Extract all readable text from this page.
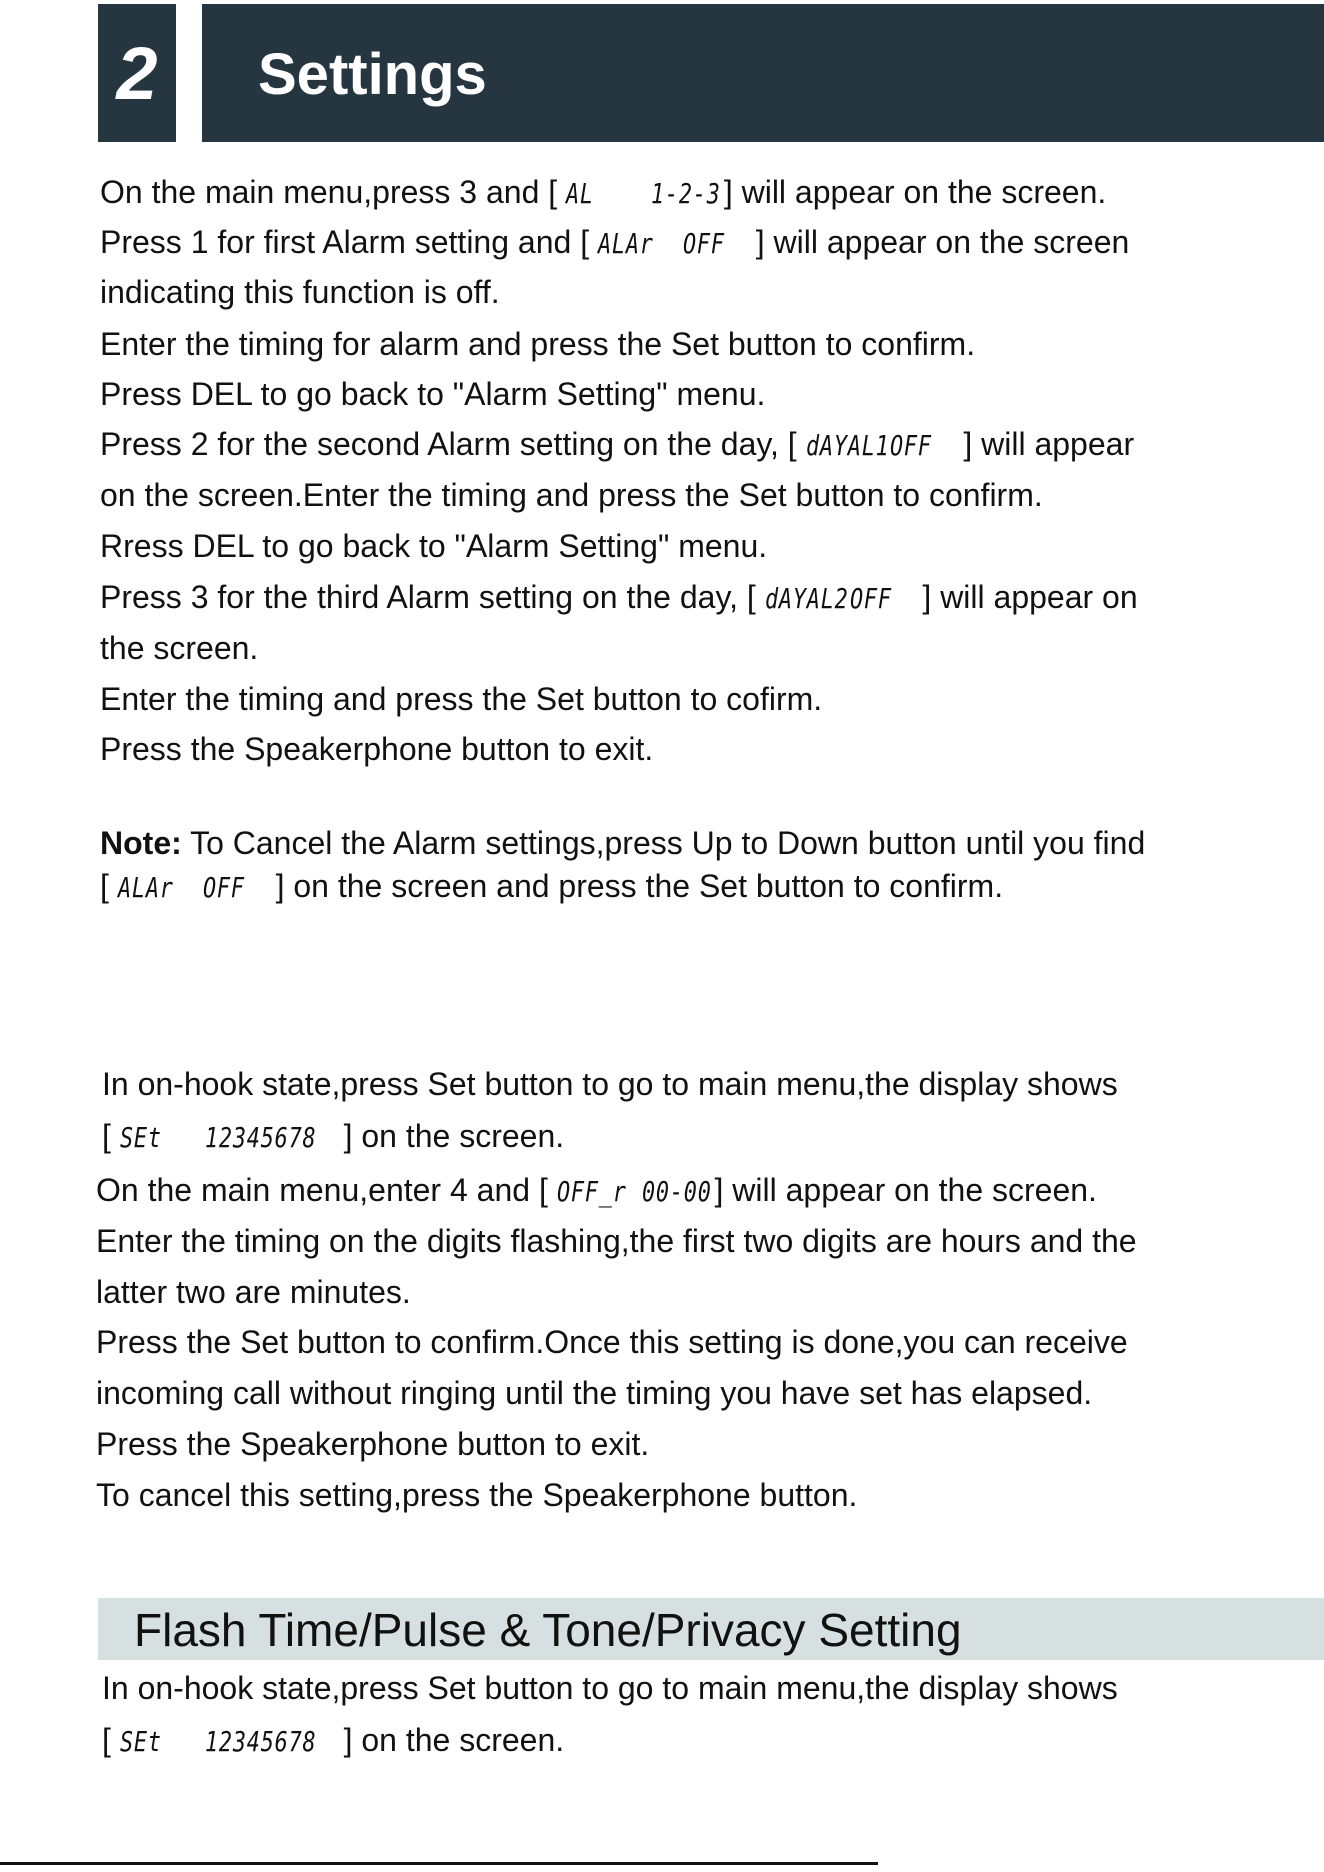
2	Settings
On the main menu,press 3 and [ AL 1-2-3 ] will appear on the screen.
Press 1 for first Alarm setting and [ ALAr OFF ] will appear on the screen
indicating this function is off.
Enter the timing for alarm and press the Set button to confirm.
Press DEL to go back to "Alarm Setting" menu.
Press 2 for the second Alarm setting on the day, [ dAYAL1 OFF ] will appear
on the screen.Enter the timing and press the Set button to confirm.
Rress DEL to go back to "Alarm Setting" menu.
Press 3 for the third Alarm setting on the day, [ dAYAL2 OFF ] will appear on
the screen.
Enter the timing and press the Set button to cofirm.
Press the Speakerphone button to exit.
Note: To Cancel the Alarm settings,press Up to Down button until you find
[ ALAr OFF ] on the screen and press the Set button to confirm.
In on-hook state,press Set button to go to main menu,the display shows
[ SEt 12345678 ] on the screen.
On the main menu,enter 4 and [ OFF_r 00-00 ] will appear on the screen.
Enter the timing on the digits flashing,the first two digits are hours and the
latter two are minutes.
Press the Set button to confirm.Once this setting is done,you can receive
incoming call without ringing until the timing you have set has elapsed.
Press the Speakerphone button to exit.
To cancel this setting,press the Speakerphone button.
Flash Time/Pulse & Tone/Privacy Setting
In on-hook state,press Set button to go to main menu,the display shows
[ SEt 12345678 ] on the screen.
